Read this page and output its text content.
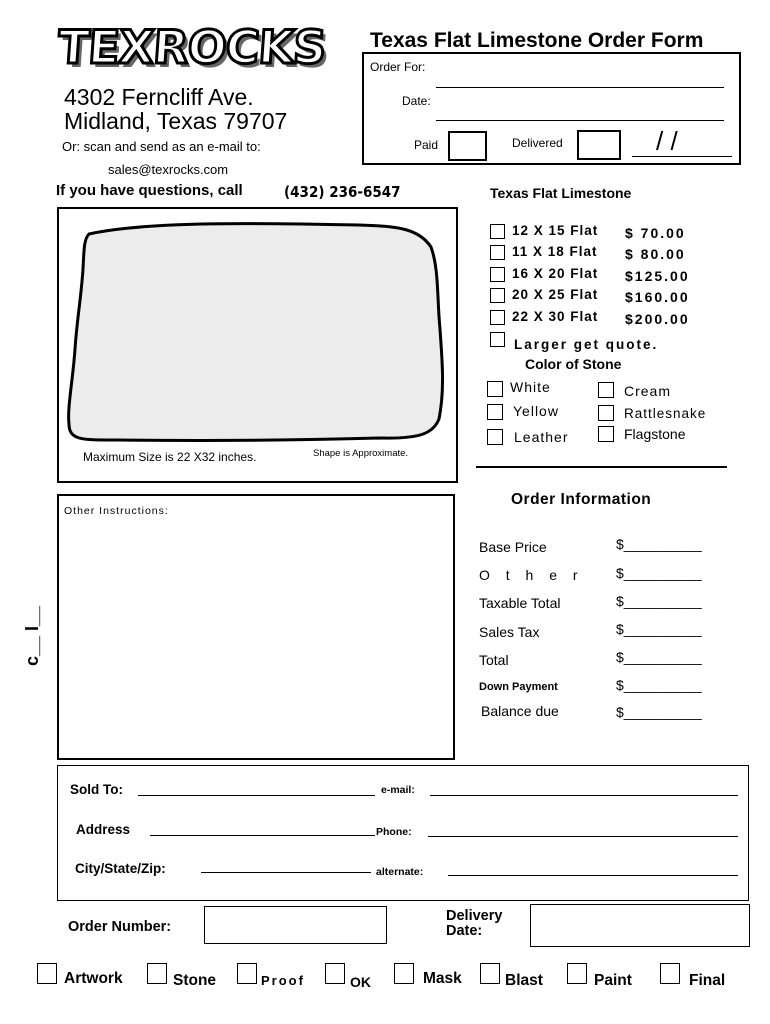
TEXROCKS
4302 Ferncliff Ave.
Midland, Texas 79707
Or: scan and send as an e-mail to:
sales@texrocks.com
If you have questions, call	(432) 236-6547
Texas Flat Limestone Order Form
Order For:
Date:
Paid	Delivered	/ /
Maximum Size is 22 X32 inches.	Shape is Approximate.
Texas Flat Limestone
12 X 15 Flat $ 70.00
11 X 18 Flat $ 80.00
16 X 20 Flat $125.00
20 X 25 Flat $160.00
22 X 30 Flat $200.00
Larger get quote.
Color of Stone
White
Yellow
Leather
Cream
Rattlesnake
Flagstone
Other Instructions:
c__ I__
Order Information
Base Price	$__________
O t h e r $__________
Taxable Total	$__________
Sales Tax	$__________
Total	$__________
Down Payment	$__________
Balance due	$__________
Sold To:	e-mail:
Address	Phone:
City/State/Zip:	alternate:
Order Number:
Delivery
Date:
Artwork	Stone	Proof	OK	Mask	Blast	Paint	Final
